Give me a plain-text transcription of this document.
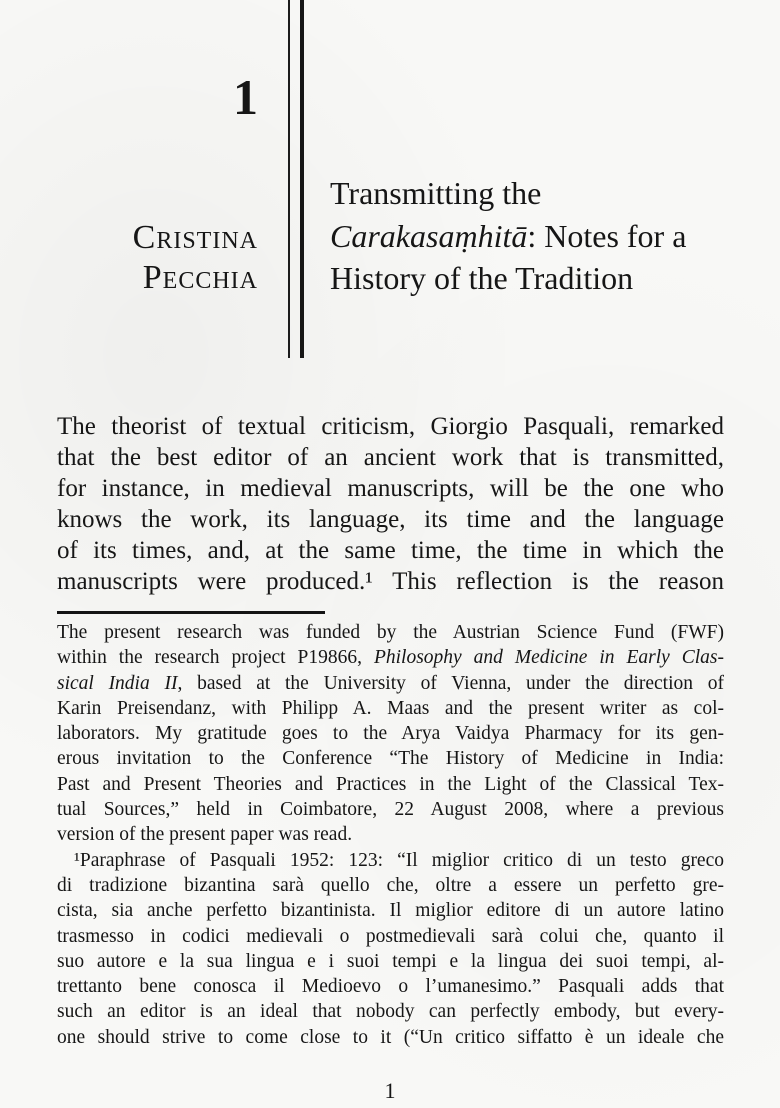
1
Cristina
Pecchia
Transmitting the
Carakasaṃhitā: Notes for a
History of the Tradition
The theorist of textual criticism, Giorgio Pasquali, remarked
that the best editor of an ancient work that is transmitted,
for instance, in medieval manuscripts, will be the one who
knows the work, its language, its time and the language
of its times, and, at the same time, the time in which the
manuscripts were produced.¹ This reflection is the reason
The present research was funded by the Austrian Science Fund (FWF)
within the research project P19866, Philosophy and Medicine in Early Clas-
sical India II, based at the University of Vienna, under the direction of
Karin Preisendanz, with Philipp A. Maas and the present writer as col-
laborators. My gratitude goes to the Arya Vaidya Pharmacy for its gen-
erous invitation to the Conference “The History of Medicine in India:
Past and Present Theories and Practices in the Light of the Classical Tex-
tual Sources,” held in Coimbatore, 22 August 2008, where a previous
version of the present paper was read.
¹Paraphrase of Pasquali 1952: 123: “Il miglior critico di un testo greco
di tradizione bizantina sarà quello che, oltre a essere un perfetto gre-
cista, sia anche perfetto bizantinista. Il miglior editore di un autore latino
trasmesso in codici medievali o postmedievali sarà colui che, quanto il
suo autore e la sua lingua e i suoi tempi e la lingua dei suoi tempi, al-
trettanto bene conosca il Medioevo o l’umanesimo.” Pasquali adds that
such an editor is an ideal that nobody can perfectly embody, but every-
one should strive to come close to it (“Un critico siffatto è un ideale che
1
